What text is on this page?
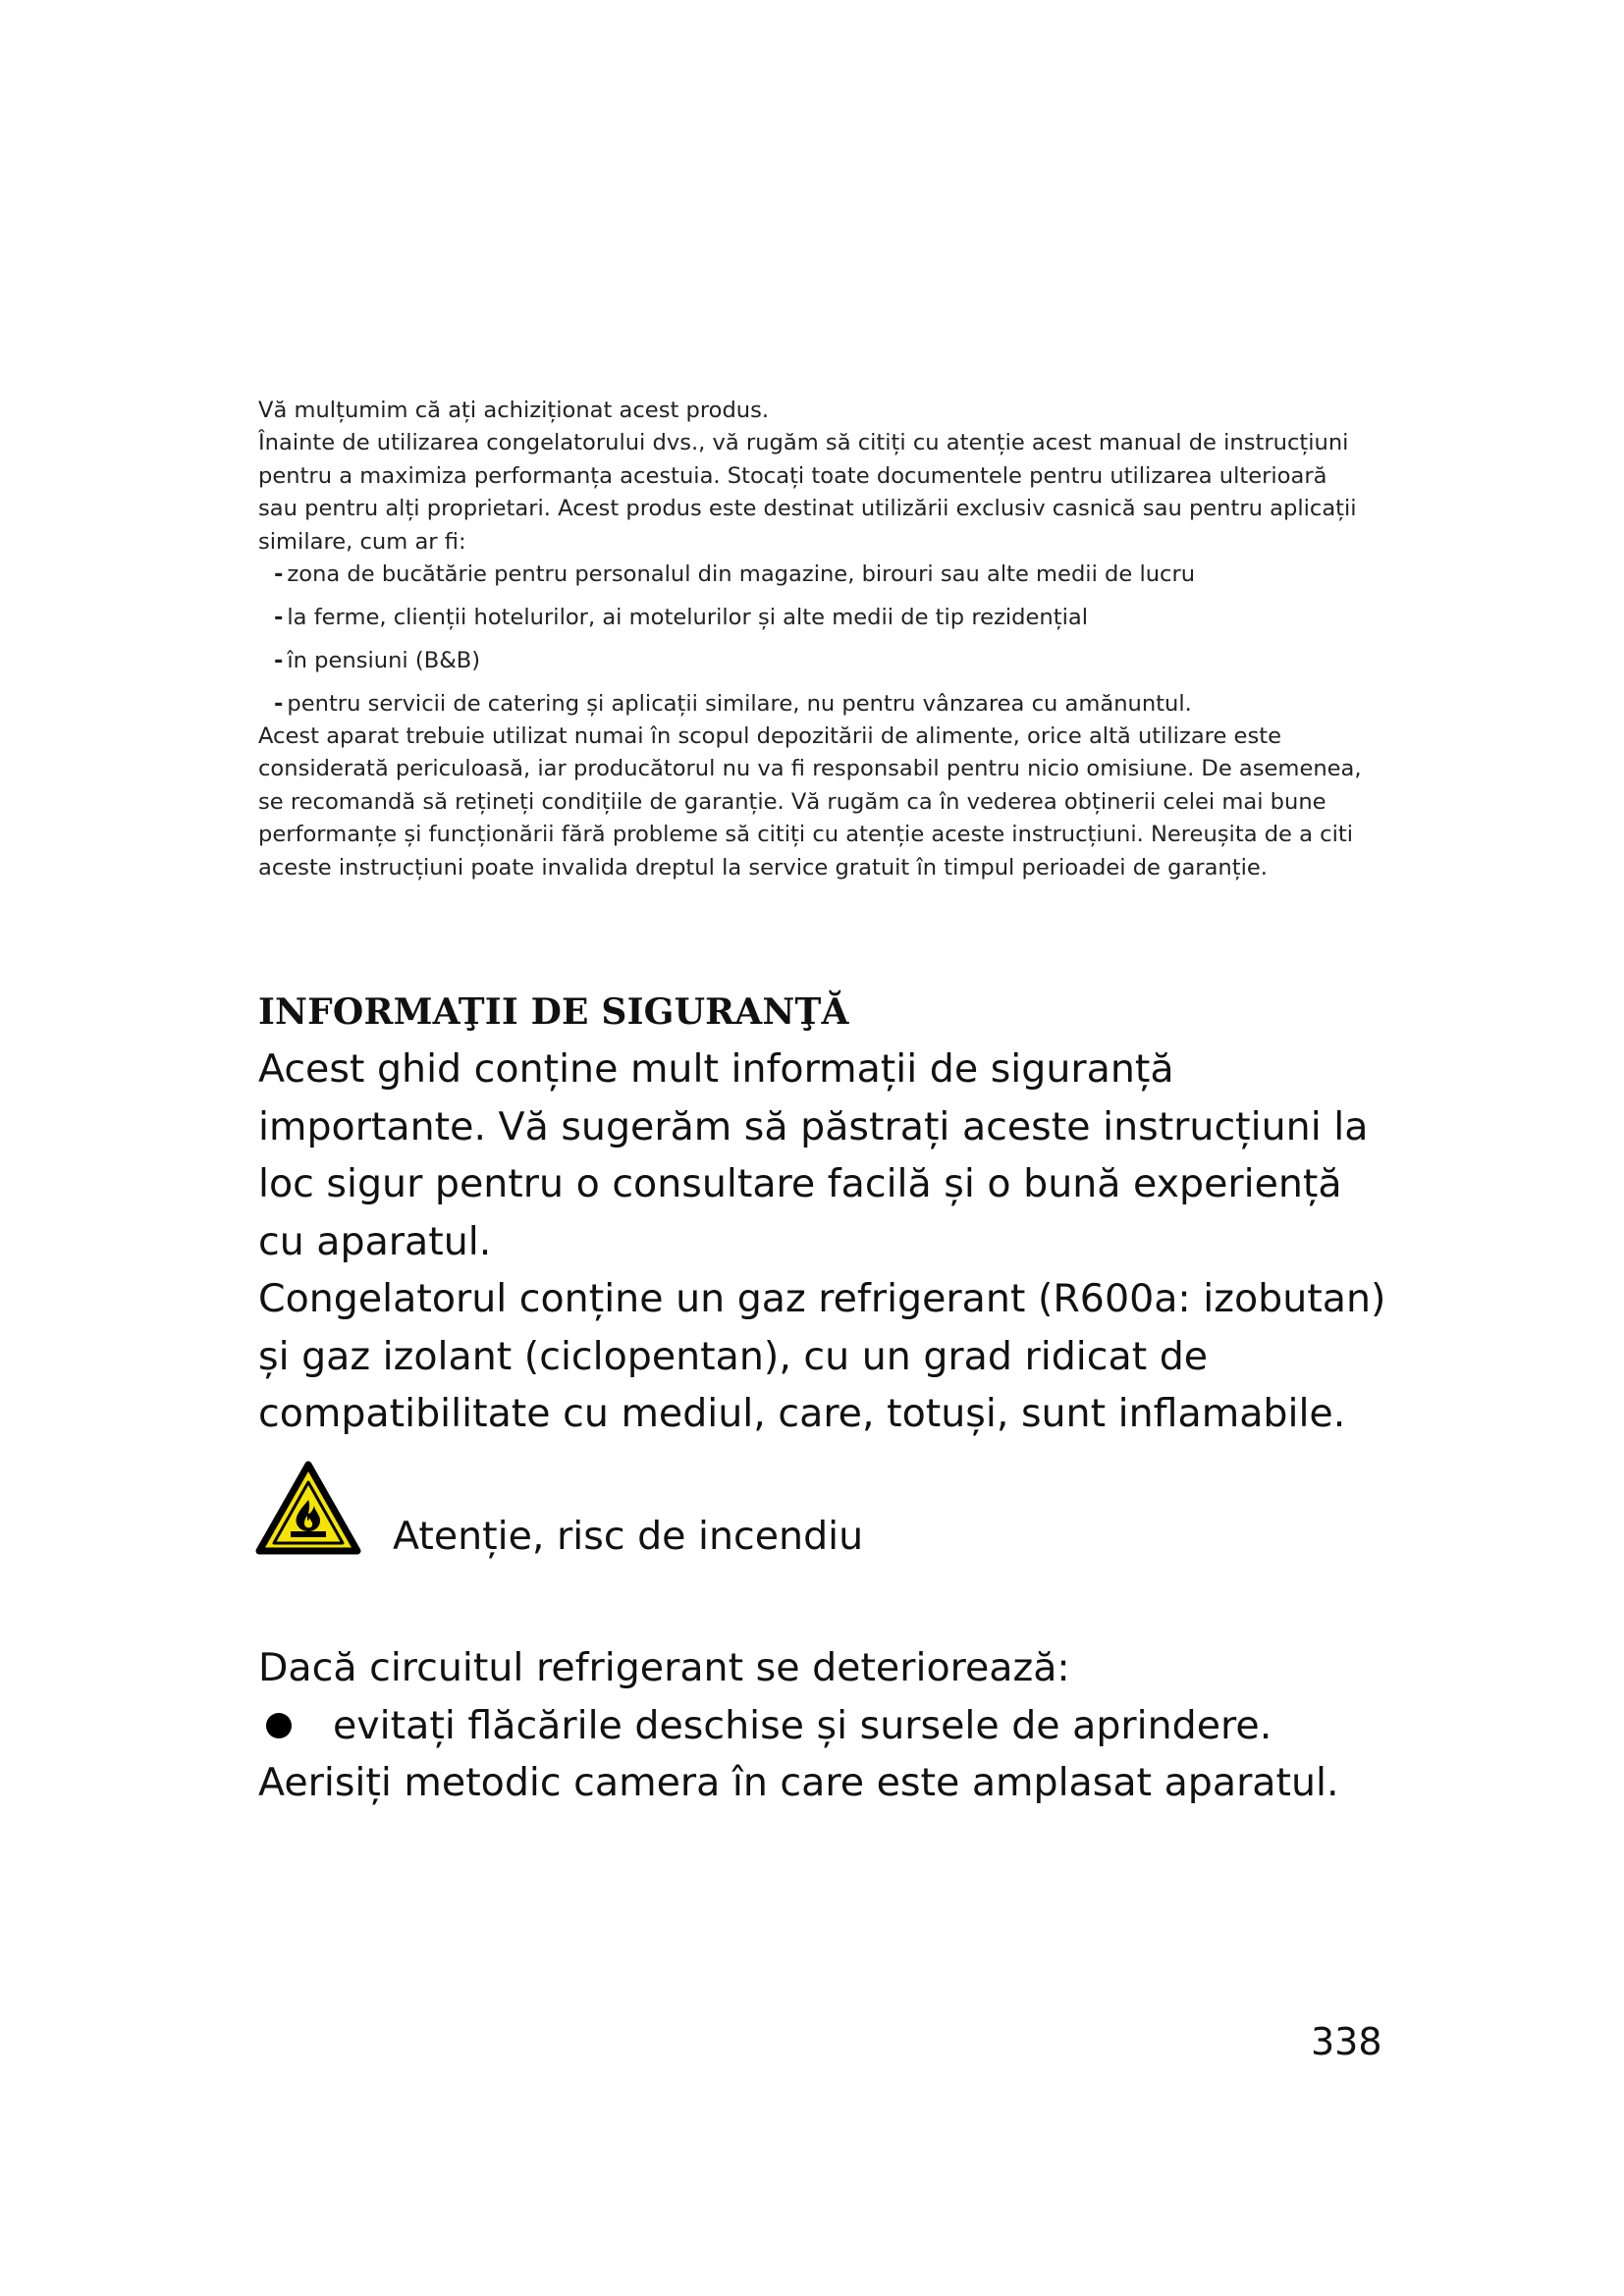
Vă mulțumim că ați achiziționat acest produs.

Înainte de utilizarea congelatorului dvs., vă rugăm să citiți cu atenție acest manual de instrucțiuni

pentru a maximiza performanța acestuia. Stocați toate documentele pentru utilizarea ulterioară

sau pentru alți proprietari. Acest produs este destinat utilizării exclusiv casnică sau pentru aplicații

similare, cum ar fi:

- zona de bucătărie pentru personalul din magazine, birouri sau alte medii de lucru
- la ferme, clienții hotelurilor, ai motelurilor și alte medii de tip rezidențial
- în pensiuni (B&B)
- pentru servicii de catering și aplicații similare, nu pentru vânzarea cu amănuntul.

Acest aparat trebuie utilizat numai în scopul depozitării de alimente, orice altă utilizare este

considerată periculoasă, iar producătorul nu va fi responsabil pentru nicio omisiune. De asemenea,

se recomandă să rețineți condițiile de garanție. Vă rugăm ca în vederea obținerii celei mai bune

performanțe și funcționării fără probleme să citiți cu atenție aceste instrucțiuni. Nereușita de a citi

aceste instrucțiuni poate invalida dreptul la service gratuit în timpul perioadei de garanție.

INFORMAŢII DE SIGURANŢĂ

Acest ghid conține mult informații de siguranță

importante. Vă sugerăm să păstrați aceste instrucțiuni la

loc sigur pentru o consultare facilă și o bună experiență

cu aparatul.

Congelatorul conține un gaz refrigerant (R600a: izobutan)

și gaz izolant (ciclopentan), cu un grad ridicat de

compatibilitate cu mediul, care, totuși, sunt inflamabile.

Atenție, risc de incendiu

Dacă circuitul refrigerant se deteriorează:

evitați flăcările deschise și sursele de aprindere.

Aerisiți metodic camera în care este amplasat aparatul.

338
